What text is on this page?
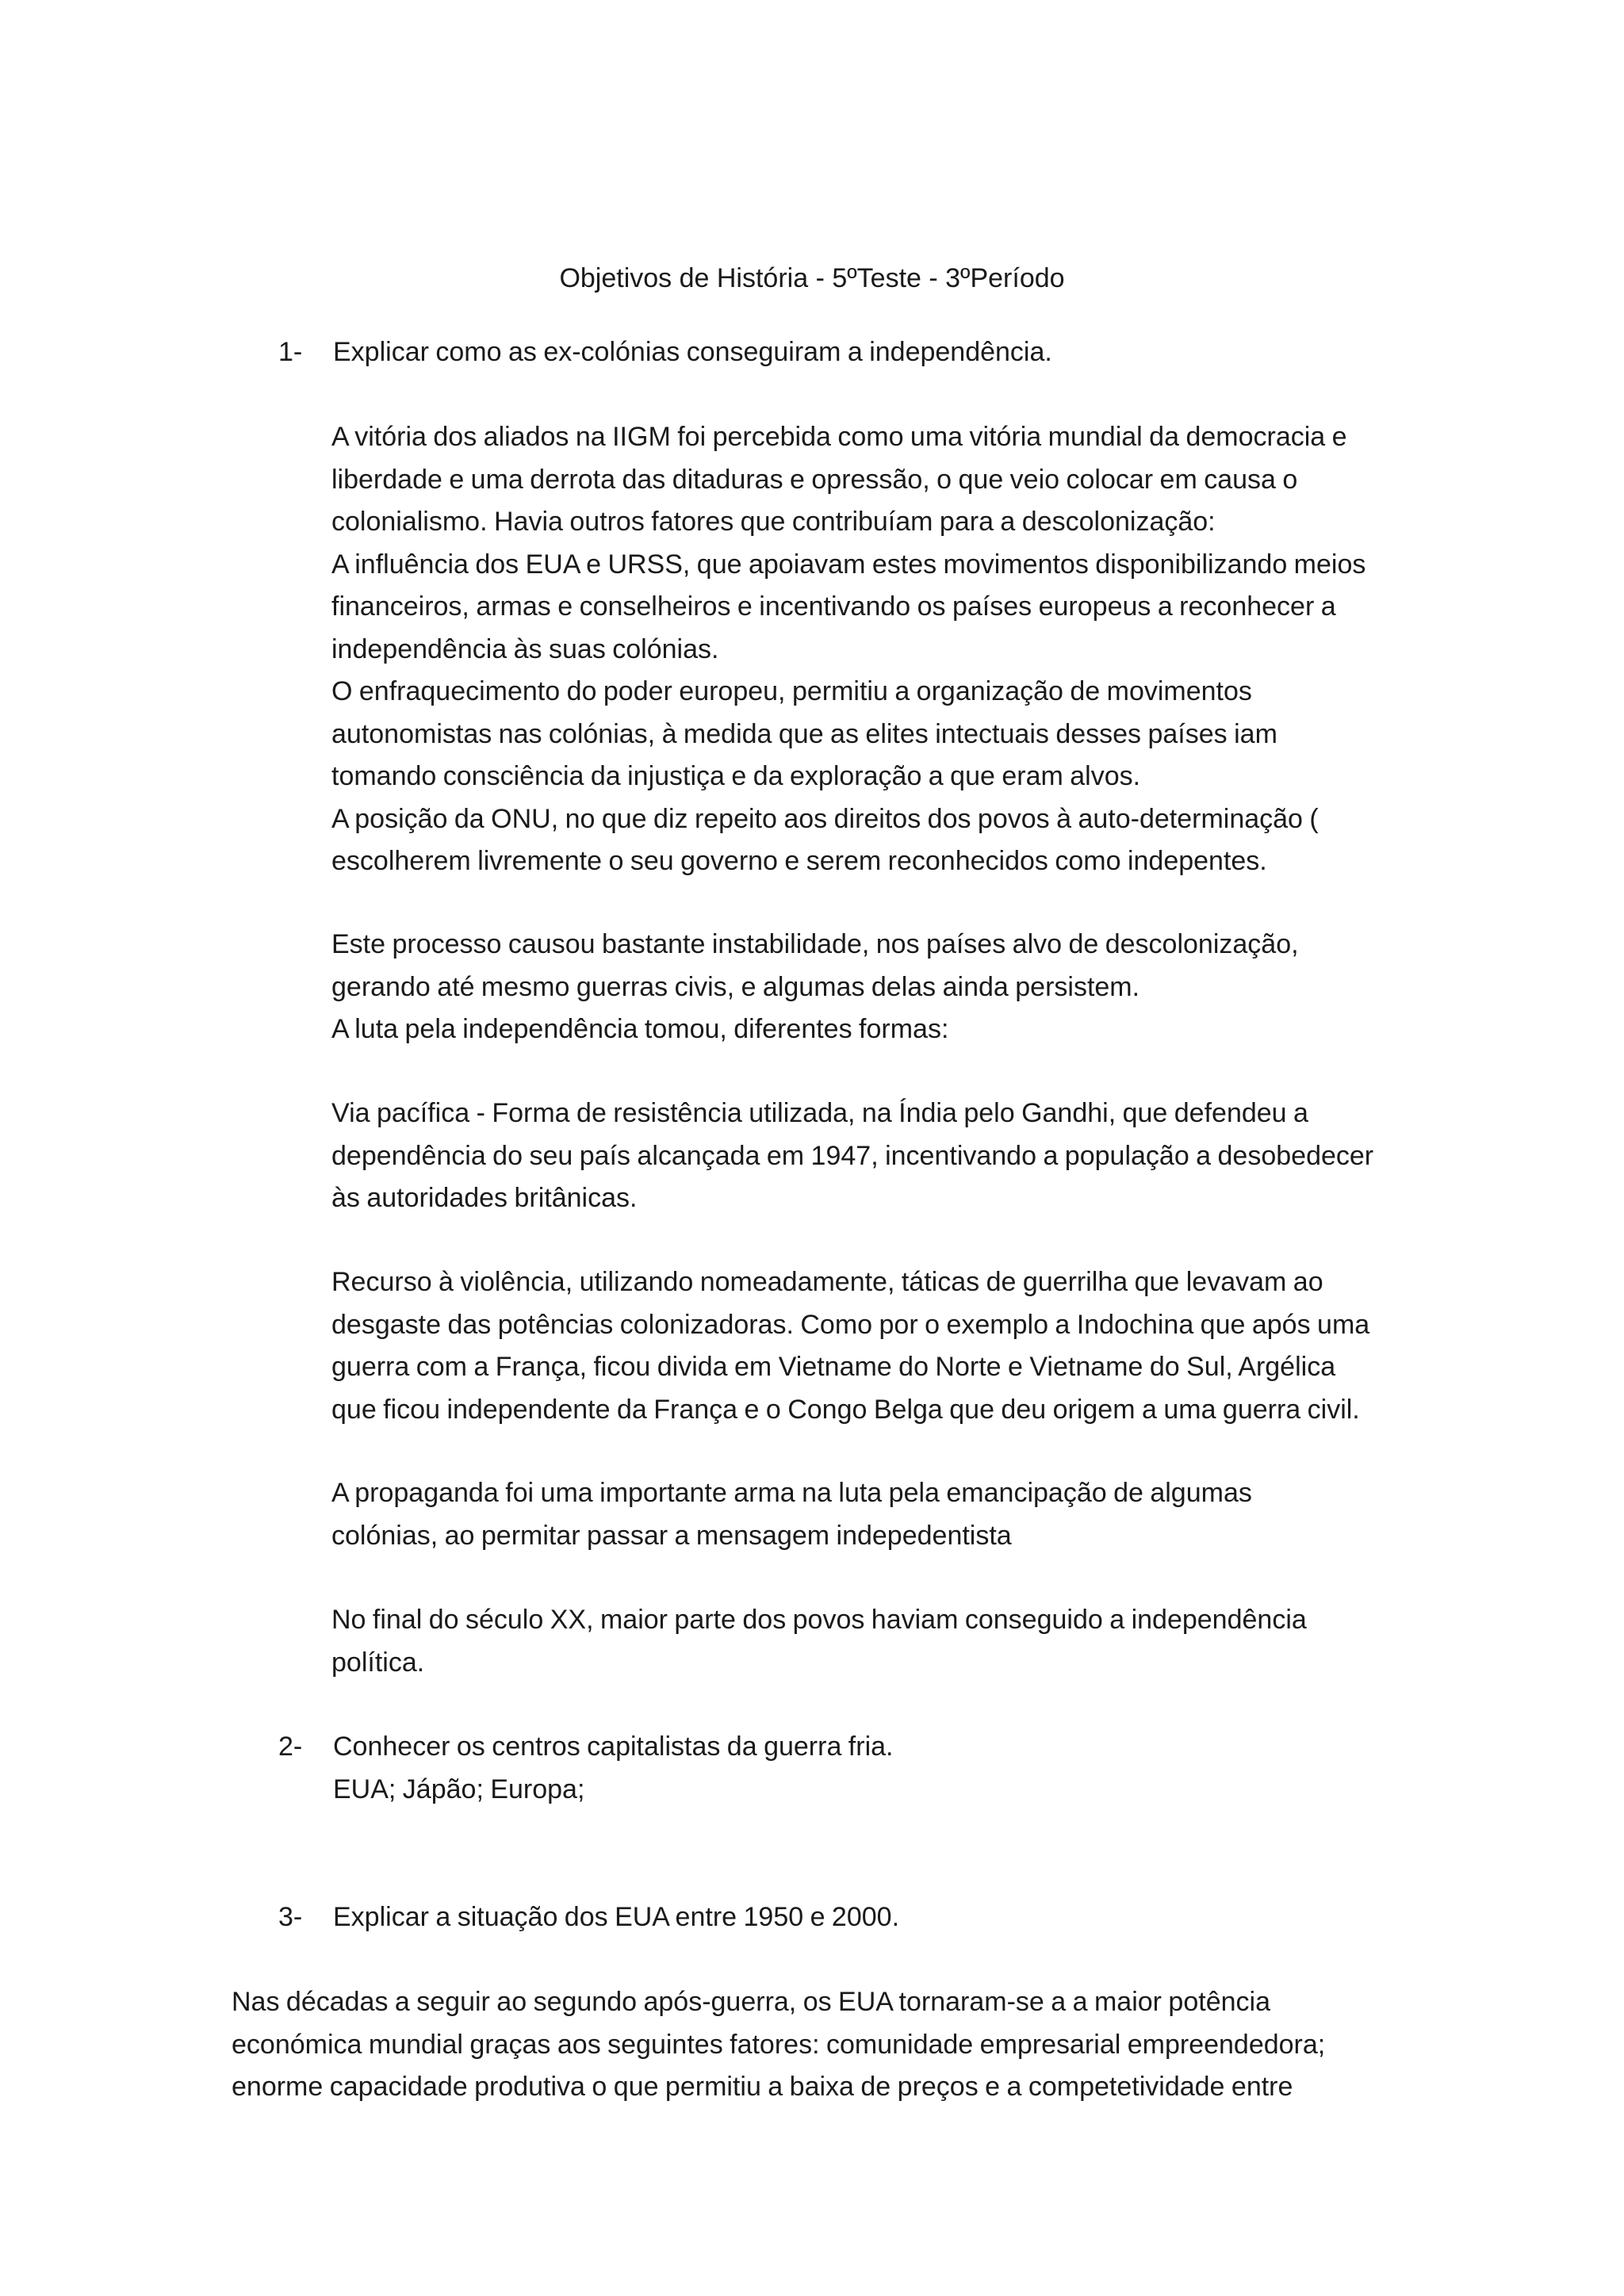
Objetivos de História - 5ºTeste - 3ºPeríodo
1- Explicar como as ex-colónias conseguiram a independência.
A vitória dos aliados na IIGM foi percebida como uma vitória mundial da democracia e
liberdade e uma derrota das ditaduras e opressão, o que veio colocar em causa o
colonialismo. Havia outros fatores que contribuíam para a descolonização:
A influência dos EUA e URSS, que apoiavam estes movimentos disponibilizando meios
financeiros, armas e conselheiros e incentivando os países europeus a reconhecer a
independência às suas colónias.
O enfraquecimento do poder europeu, permitiu a organização de movimentos
autonomistas nas colónias, à medida que as elites intectuais desses países iam
tomando consciência da injustiça e da exploração a que eram alvos.
A posição da ONU, no que diz repeito aos direitos dos povos à auto-determinação (
escolherem livremente o seu governo e serem reconhecidos como indepentes.
Este processo causou bastante instabilidade, nos países alvo de descolonização,
gerando até mesmo guerras civis, e algumas delas ainda persistem.
A luta pela independência tomou, diferentes formas:
Via pacífica - Forma de resistência utilizada, na Índia pelo Gandhi, que defendeu a
dependência do seu país alcançada em 1947, incentivando a população a desobedecer
às autoridades britânicas.
Recurso à violência, utilizando nomeadamente, táticas de guerrilha que levavam ao
desgaste das potências colonizadoras. Como por o exemplo a Indochina que após uma
guerra com a França, ficou divida em Vietname do Norte e Vietname do Sul, Argélica
que ficou independente da França e o Congo Belga que deu origem a uma guerra civil.
A propaganda foi uma importante arma na luta pela emancipação de algumas
colónias, ao permitar passar a mensagem indepedentista
No final do século XX, maior parte dos povos haviam conseguido a independência
política.
2- Conhecer os centros capitalistas da guerra fria.
EUA; Jápão; Europa;
3- Explicar a situação dos EUA entre 1950 e 2000.
Nas décadas a seguir ao segundo após-guerra, os EUA tornaram-se a a maior potência
económica mundial graças aos seguintes fatores: comunidade empresarial empreendedora;
enorme capacidade produtiva o que permitiu a baixa de preços e a competetividade entre
